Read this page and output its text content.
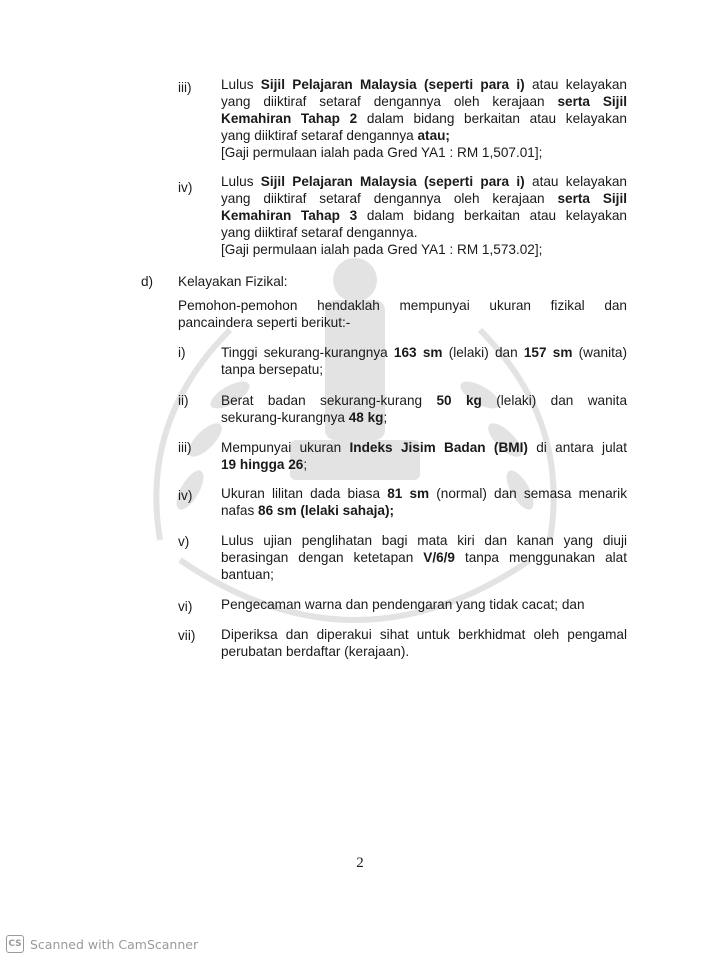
iii) Lulus Sijil Pelajaran Malaysia (seperti para i) atau kelayakan
yang diiktiraf setaraf dengannya oleh kerajaan serta Sijil
Kemahiran Tahap 2 dalam bidang berkaitan atau kelayakan
yang diiktiraf setaraf dengannya atau;
[Gaji permulaan ialah pada Gred YA1 : RM 1,507.01];
iv) Lulus Sijil Pelajaran Malaysia (seperti para i) atau kelayakan
yang diiktiraf setaraf dengannya oleh kerajaan serta Sijil
Kemahiran Tahap 3 dalam bidang berkaitan atau kelayakan
yang diiktiraf setaraf dengannya.
[Gaji permulaan ialah pada Gred YA1 : RM 1,573.02];
d) Kelayakan Fizikal:
Pemohon-pemohon hendaklah mempunyai ukuran fizikal dan
pancaindera seperti berikut:-
i)	Tinggi sekurang-kurangnya 163 sm (lelaki) dan 157 sm (wanita)
tanpa bersepatu;
ii) Berat badan sekurang-kurang 50 kg (lelaki) dan wanita
sekurang-kurangnya 48 kg;
iii) Mempunyai ukuran Indeks Jisim Badan (BMI) di antara julat
19 hingga 26;
iv) Ukuran lilitan dada biasa 81 sm (normal) dan semasa menarik
nafas 86 sm (lelaki sahaja);
v) Lulus ujian penglihatan bagi mata kiri dan kanan yang diuji
berasingan dengan ketetapan V/6/9 tanpa menggunakan alat
bantuan;
vi) Pengecaman warna dan pendengaran yang tidak cacat; dan
vii) Diperiksa dan diperakui sihat untuk berkhidmat oleh pengamal
perubatan berdaftar (kerajaan).
2
CS Scanned with CamScanner
